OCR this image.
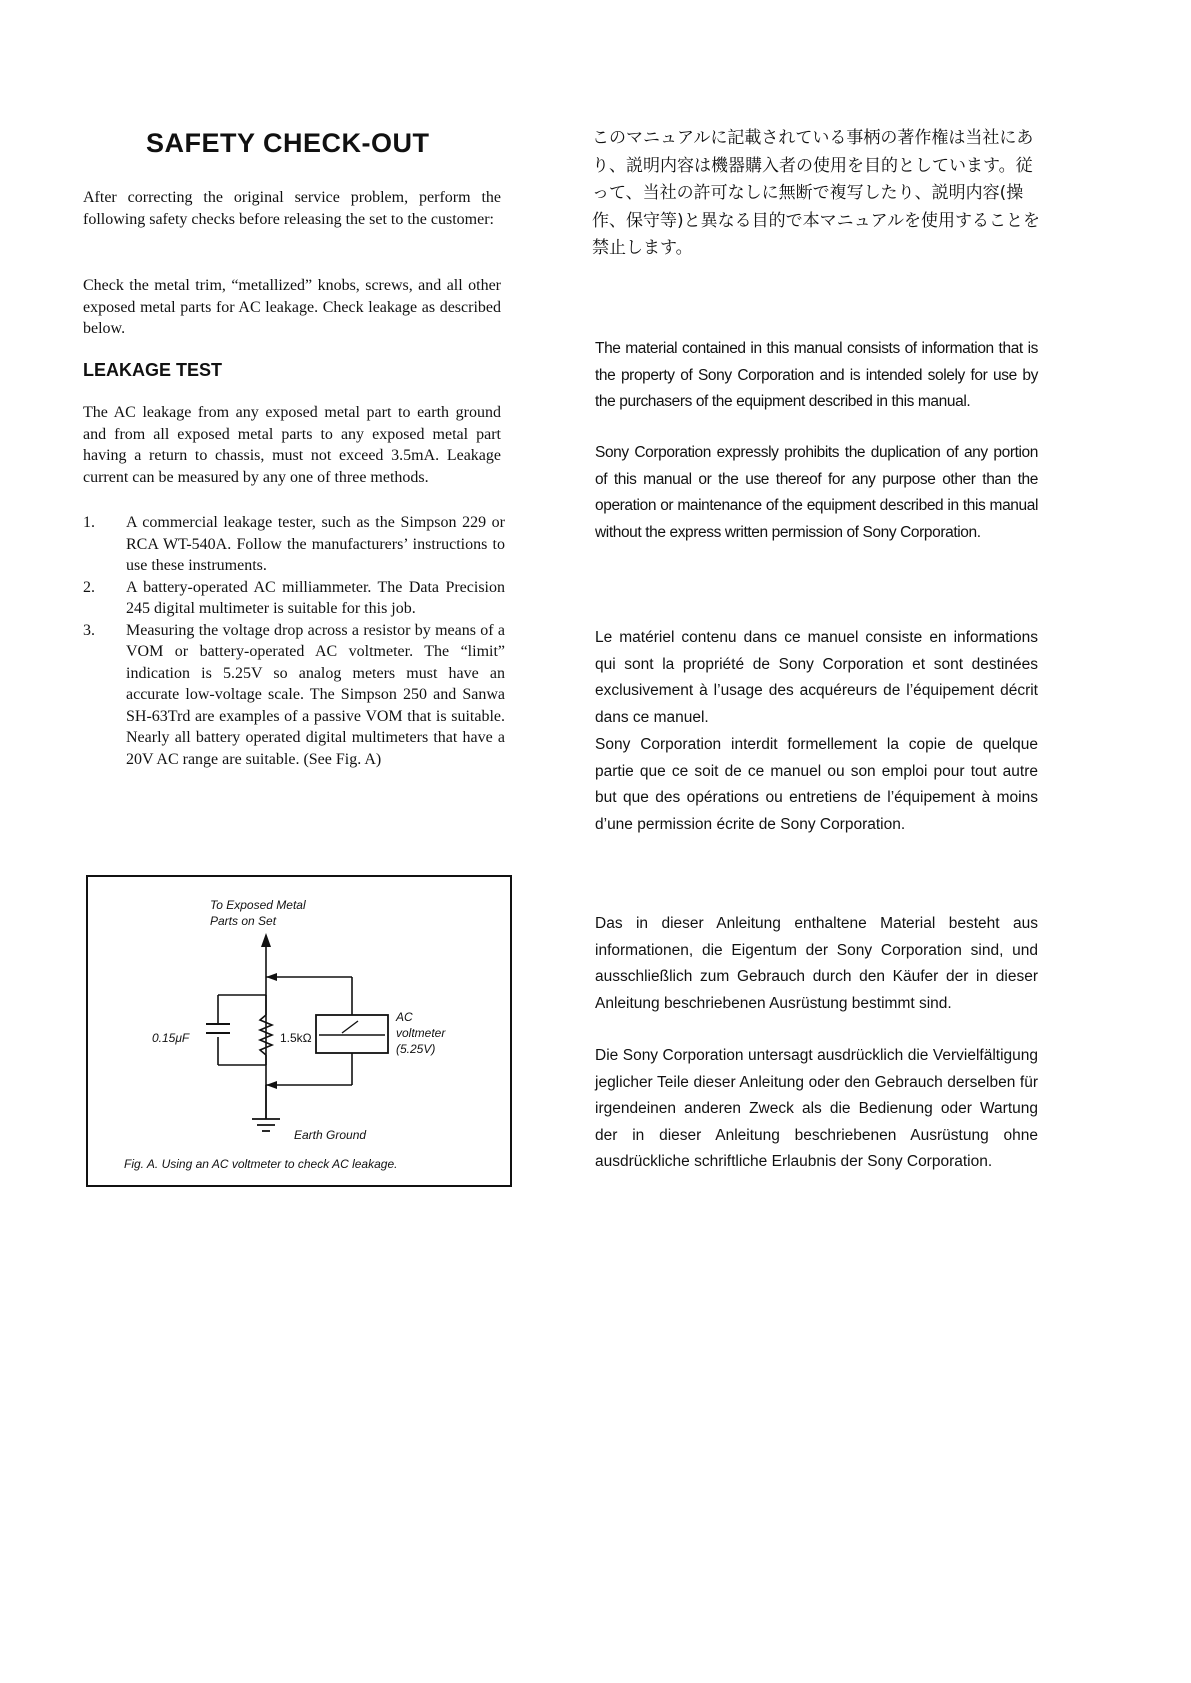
SAFETY CHECK-OUT

After correcting the original service problem, perform the following safety checks before releasing the set to the customer:

Check the metal trim, “metallized” knobs, screws, and all other exposed metal parts for AC leakage. Check leakage as described below.

LEAKAGE TEST

The AC leakage from any exposed metal part to earth ground and from all exposed metal parts to any exposed metal part having a return to chassis, must not exceed 3.5mA. Leakage current can be measured by any one of three methods.

1.	A commercial leakage tester, such as the Simpson 229 or RCA WT-540A. Follow the manufacturers’ instructions to use these instruments.
2.	A battery-operated AC milliammeter. The Data Precision 245 digital multimeter is suitable for this job.
3.	Measuring the voltage drop across a resistor by means of a VOM or battery-operated AC voltmeter. The “limit” indication is 5.25V so analog meters must have an accurate low-voltage scale. The Simpson 250 and Sanwa SH-63Trd are examples of a passive VOM that is suitable. Nearly all battery operated digital multimeters that have a 20V AC range are suitable. (See Fig. A)
To Exposed Metal
Parts on Set
0.15μF	1.5kΩ
AC
voltmeter
(5.25V)
Earth Ground
Fig. A. Using an AC voltmeter to check AC leakage.

このマニュアルに記載されている事柄の著作権は当社にあり、説明内容は機器購入者の使用を目的としています。従って、当社の許可なしに無断で複写したり、説明内容(操作、保守等)と異なる目的で本マニュアルを使用することを禁止します。

The material contained in this manual consists of information that is the property of Sony Corporation and is intended solely for use by the purchasers of the equipment described in this manual.

Sony Corporation expressly prohibits the duplication of any portion of this manual or the use thereof for any purpose other than the operation or maintenance of the equipment described in this manual without the express written permission of Sony Corporation.

Le matériel contenu dans ce manuel consiste en informations qui sont la propriété de Sony Corporation et sont destinées exclusivement à l’usage des acquéreurs de l’équipement décrit dans ce manuel.

Sony Corporation interdit formellement la copie de quelque partie que ce soit de ce manuel ou son emploi pour tout autre but que des opérations ou entretiens de l’équipement à moins d’une permission écrite de Sony Corporation.

Das in dieser Anleitung enthaltene Material besteht aus informationen, die Eigentum der Sony Corporation sind, und ausschließlich zum Gebrauch durch den Käufer der in dieser Anleitung beschriebenen Ausrüstung bestimmt sind.

Die Sony Corporation untersagt ausdrücklich die Vervielfältigung jeglicher Teile dieser Anleitung oder den Gebrauch derselben für irgendeinen anderen Zweck als die Bedienung oder Wartung der in dieser Anleitung beschriebenen Ausrüstung ohne ausdrückliche schriftliche Erlaubnis der Sony Corporation.
